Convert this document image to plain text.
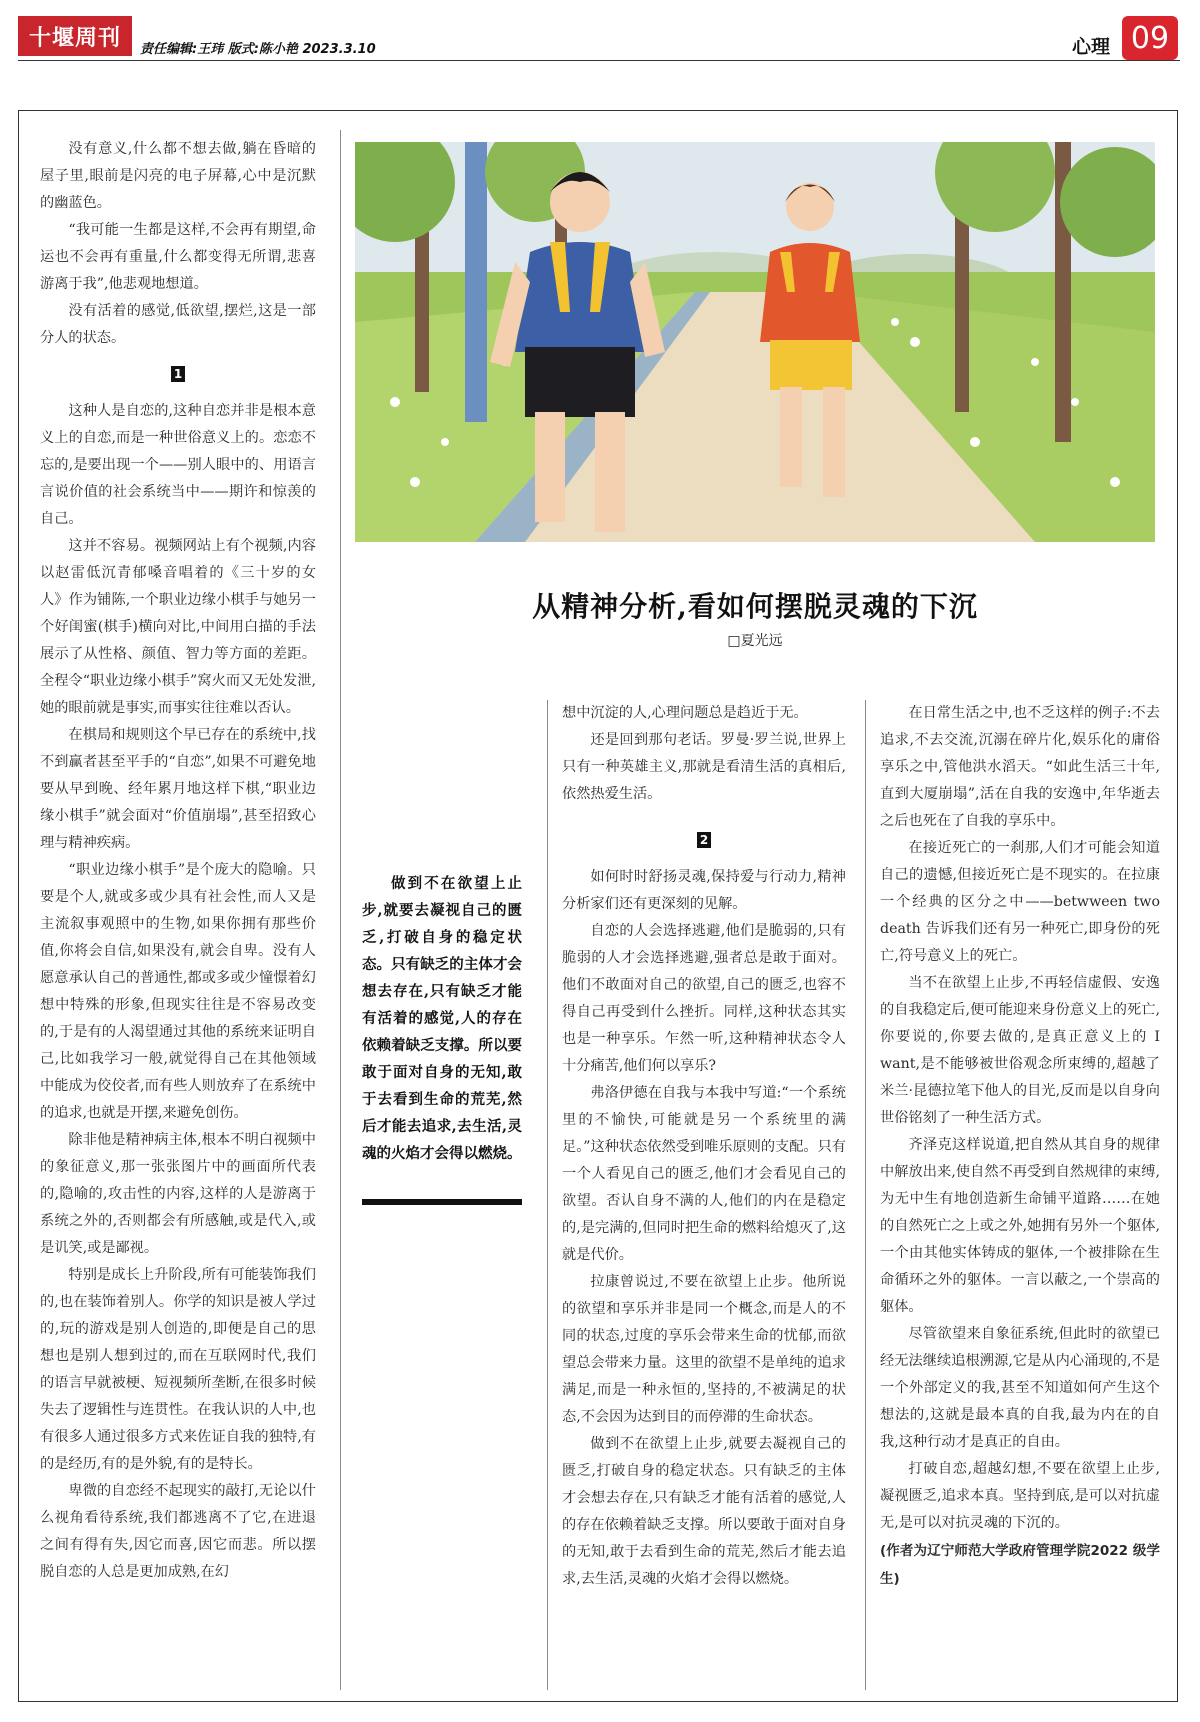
十堰周刊 责任编辑:王玮 版式:陈小艳 2023.3.10	心理 09

没有意义,什么都不想去做,躺在昏暗的屋子里,眼前是闪亮的电子屏幕,心中是沉默的幽蓝色。

“我可能一生都是这样,不会再有期望,命运也不会再有重量,什么都变得无所谓,悲喜游离于我”,他悲观地想道。

没有活着的感觉,低欲望,摆烂,这是一部分人的状态。

1

这种人是自恋的,这种自恋并非是根本意义上的自恋,而是一种世俗意义上的。恋恋不忘的,是要出现一个——别人眼中的、用语言言说价值的社会系统当中——期许和惊羡的自己。

这并不容易。视频网站上有个视频,内容以赵雷低沉青郁嗓音唱着的《三十岁的女人》作为铺陈,一个职业边缘小棋手与她另一个好闺蜜(棋手)横向对比,中间用白描的手法展示了从性格、颜值、智力等方面的差距。全程令“职业边缘小棋手”窝火而又无处发泄,她的眼前就是事实,而事实往往难以否认。

在棋局和规则这个早已存在的系统中,找不到赢者甚至平手的“自恋”,如果不可避免地要从早到晚、经年累月地这样下棋,“职业边缘小棋手”就会面对“价值崩塌”,甚至招致心理与精神疾病。

“职业边缘小棋手”是个庞大的隐喻。只要是个人,就或多或少具有社会性,而人又是主流叙事观照中的生物,如果你拥有那些价值,你将会自信,如果没有,就会自卑。没有人愿意承认自己的普通性,都或多或少憧憬着幻想中特殊的形象,但现实往往是不容易改变的,于是有的人渴望通过其他的系统来证明自己,比如我学习一般,就觉得自己在其他领域中能成为佼佼者,而有些人则放弃了在系统中的追求,也就是开摆,来避免创伤。

除非他是精神病主体,根本不明白视频中的象征意义,那一张张图片中的画面所代表的,隐喻的,攻击性的内容,这样的人是游离于系统之外的,否则都会有所感触,或是代入,或是讥笑,或是鄙视。

特别是成长上升阶段,所有可能装饰我们的,也在装饰着别人。你学的知识是被人学过的,玩的游戏是别人创造的,即便是自己的思想也是别人想到过的,而在互联网时代,我们的语言早就被梗、短视频所垄断,在很多时候失去了逻辑性与连贯性。在我认识的人中,也有很多人通过很多方式来佐证自我的独特,有的是经历,有的是外貌,有的是特长。

卑微的自恋经不起现实的敲打,无论以什么视角看待系统,我们都逃离不了它,在进退之间有得有失,因它而喜,因它而悲。所以摆脱自恋的人总是更加成熟,在幻

从精神分析,看如何摆脱灵魂的下沉
□夏光远

做到不在欲望上止步,就要去凝视自己的匮乏,打破自身的稳定状态。只有缺乏的主体才会想去存在,只有缺乏才能有活着的感觉,人的存在依赖着缺乏支撑。所以要敢于面对自身的无知,敢于去看到生命的荒芜,然后才能去追求,去生活,灵魂的火焰才会得以燃烧。

想中沉淀的人,心理问题总是趋近于无。

还是回到那句老话。罗曼·罗兰说,世界上只有一种英雄主义,那就是看清生活的真相后,依然热爱生活。

2

如何时时舒扬灵魂,保持爱与行动力,精神分析家们还有更深刻的见解。

自恋的人会选择逃避,他们是脆弱的,只有脆弱的人才会选择逃避,强者总是敢于面对。他们不敢面对自己的欲望,自己的匮乏,也容不得自己再受到什么挫折。同样,这种状态其实也是一种享乐。乍然一听,这种精神状态令人十分痛苦,他们何以享乐?

弗洛伊德在自我与本我中写道:“一个系统里的不愉快,可能就是另一个系统里的满足。”这种状态依然受到唯乐原则的支配。只有一个人看见自己的匮乏,他们才会看见自己的欲望。否认自身不满的人,他们的内在是稳定的,是完满的,但同时把生命的燃料给熄灭了,这就是代价。

拉康曾说过,不要在欲望上止步。他所说的欲望和享乐并非是同一个概念,而是人的不同的状态,过度的享乐会带来生命的忧郁,而欲望总会带来力量。这里的欲望不是单纯的追求满足,而是一种永恒的,坚持的,不被满足的状态,不会因为达到目的而停滞的生命状态。

做到不在欲望上止步,就要去凝视自己的匮乏,打破自身的稳定状态。只有缺乏的主体才会想去存在,只有缺乏才能有活着的感觉,人的存在依赖着缺乏支撑。所以要敢于面对自身的无知,敢于去看到生命的荒芜,然后才能去追求,去生活,灵魂的火焰才会得以燃烧。

在日常生活之中,也不乏这样的例子:不去追求,不去交流,沉溺在碎片化,娱乐化的庸俗享乐之中,管他洪水滔天。“如此生活三十年,直到大厦崩塌”,活在自我的安逸中,年华逝去之后也死在了自我的享乐中。

在接近死亡的一刹那,人们才可能会知道自己的遗憾,但接近死亡是不现实的。在拉康一个经典的区分之中——betwween two death 告诉我们还有另一种死亡,即身份的死亡,符号意义上的死亡。

当不在欲望上止步,不再轻信虚假、安逸的自我稳定后,便可能迎来身份意义上的死亡,你要说的,你要去做的,是真正意义上的 I want,是不能够被世俗观念所束缚的,超越了米兰·昆德拉笔下他人的目光,反而是以自身向世俗铭刻了一种生活方式。

齐泽克这样说道,把自然从其自身的规律中解放出来,使自然不再受到自然规律的束缚,为无中生有地创造新生命铺平道路……在她的自然死亡之上或之外,她拥有另外一个躯体,一个由其他实体铸成的躯体,一个被排除在生命循环之外的躯体。一言以蔽之,一个崇高的躯体。

尽管欲望来自象征系统,但此时的欲望已经无法继续追根溯源,它是从内心涌现的,不是一个外部定义的我,甚至不知道如何产生这个想法的,这就是最本真的自我,最为内在的自我,这种行动才是真正的自由。

打破自恋,超越幻想,不要在欲望上止步,凝视匮乏,追求本真。坚持到底,是可以对抗虚无,是可以对抗灵魂的下沉的。

(作者为辽宁师范大学政府管理学院2022 级学生)
